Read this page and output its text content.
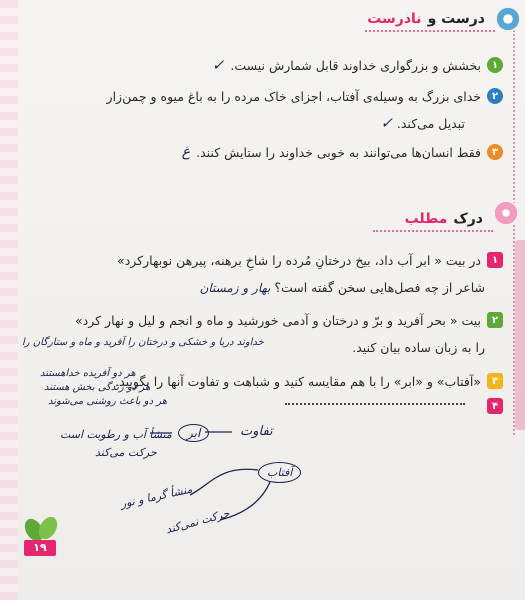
درست و
نادرست
۱
بخشش و بزرگواری خداوند قابل شمارش نیست.
✓
۲
خدای بزرگ به وسیله‌ی آفتاب، اجزای خاک مرده را به باغ میوه و چمن‌زار
تبدیل می‌کند. ✓
۳
فقط انسان‌ها می‌توانند به خوبی خداوند را ستایش کنند.
غ
درک
مطلب
۱
در بیت « ابر آب داد، بیخ درختانِ مُرده را شاخِ برهنه، پیرهن نوبهارکرد»
شاعر از چه فصل‌هایی سخن گفته است؟ بهار و زمستان
۲
بیت « بحر آفرید و برّ و درختان و آدمی خورشید و ماه و انجم و لیل و نهار کرد»
را به زبان ساده بیان کنید.
خداوند دریا و خشکی و درختان را آفرید و ماه و ستارگان را
۳
«آفتاب» و «ابر» را با هم مقایسه کنید و شباهت و تفاوت آنها را بگویید.
هر دو آفریده خداهستند
هر دو زندگی بخش هستند
هر دو باعث روشنی می‌شوند	۴
تفاوت
ابر
منشأ آب و رطوبت است
حرکت می‌کند
آفتاب
منشأ گرما و نور
حرکت نمی‌کند
۱۹
